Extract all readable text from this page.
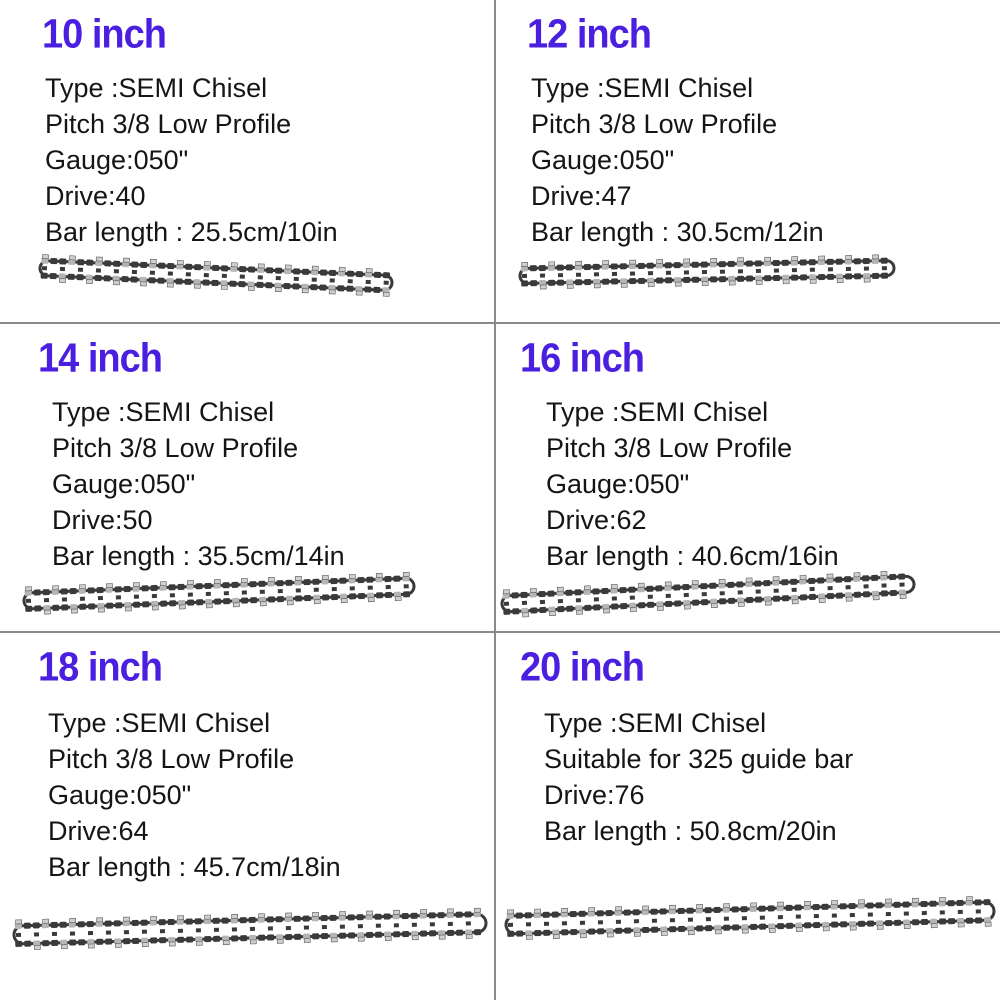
10 inch
Type :SEMI Chisel
Pitch 3/8 Low Profile
Gauge:050"
Drive:40
Bar length : 25.5cm/10in
12 inch
Type :SEMI Chisel
Pitch 3/8 Low Profile
Gauge:050"
Drive:47
Bar length : 30.5cm/12in
14 inch
Type :SEMI Chisel
Pitch 3/8 Low Profile
Gauge:050"
Drive:50
Bar length : 35.5cm/14in
16 inch
Type :SEMI Chisel
Pitch 3/8 Low Profile
Gauge:050"
Drive:62
Bar length : 40.6cm/16in
18 inch
Type :SEMI Chisel
Pitch 3/8 Low Profile
Gauge:050"
Drive:64
Bar length : 45.7cm/18in
20 inch
Type :SEMI Chisel
Suitable for 325 guide bar
Drive:76
Bar length : 50.8cm/20in
